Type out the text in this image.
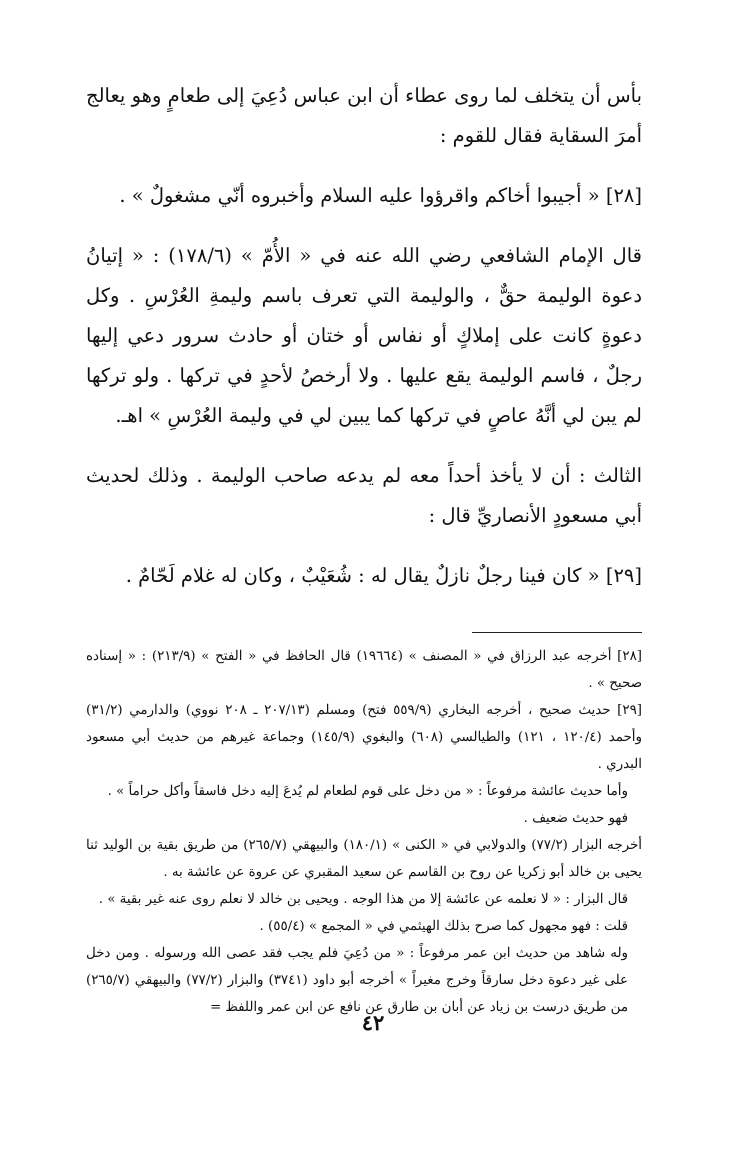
بأس أن يتخلف لما روى عطاء أن ابن عباس دُعِيَ إلى طعامٍ وهو يعالج أمرَ السقاية فقال للقوم :

[٢٨] « أجيبوا أخاكم واقرؤوا عليه السلام وأخبروه أنّي مشغولٌ » .

قال الإمام الشافعي رضي الله عنه في « الأُمّ » (١٧٨/٦) : « إتيانُ دعوة الوليمة حقٌّ ، والوليمة التي تعرف باسم وليمةِ العُرْسِ . وكل دعوةٍ كانت على إملاكٍ أو نفاس أو ختان أو حادث سرور دعي إليها رجلٌ ، فاسم الوليمة يقع عليها . ولا أرخصُ لأحدٍ في تركها . ولو تركها لم يبن لي أنَّهُ عاصٍ في تركها كما يبين لي في وليمة العُرْسِ » اهـ.

الثالث : أن لا يأخذ أحداً معه لم يدعه صاحب الوليمة . وذلك لحديث أبي مسعودٍ الأنصاريِّ قال :

[٢٩] « كان فينا رجلٌ نازلٌ يقال له : شُعَيْبٌ ، وكان له غلام لَحّامٌ .

[٢٨] أخرجه عبد الرزاق في « المصنف » (١٩٦٦٤) قال الحافظ في « الفتح » (٢١٣/٩) : « إسناده صحيح » .

[٢٩] حديث صحيح ، أخرجه البخاري (٥٥٩/٩ فتح) ومسلم (٢٠٧/١٣ ـ ٢٠٨ نووي) والدارمي (٣١/٢) وأحمد (١٢٠/٤ ، ١٢١) والطيالسي (٦٠٨) والبغوي (١٤٥/٩) وجماعة غيرهم من حديث أبي مسعود البدري .

وأما حديث عائشة مرفوعاً : « من دخل على قوم لطعام لم يُدعَ إليه دخل فاسقاً وأكل حراماً » .

فهو حديث ضعيف .

أخرجه البزار (٧٧/٢) والدولابي في « الكنى » (١٨٠/١) والبيهقي (٢٦٥/٧) من طريق بقية بن الوليد ثنا يحيى بن خالد أبو زكريا عن روح بن القاسم عن سعيد المقبري عن عروة عن عائشة به .

قال البزار : « لا نعلمه عن عائشة إلا من هذا الوجه . ويحيى بن خالد لا نعلم روى عنه غير بقية » .

قلت : فهو مجهول كما صرح بذلك الهيثمي في « المجمع » (٥٥/٤) .

وله شاهد من حديث ابن عمر مرفوعاً : « من دُعِيَ فلم يجب فقد عصى الله ورسوله . ومن دخل على غير دعوة دخل سارقاً وخرج مغيراً » أخرجه أبو داود (٣٧٤١) والبزار (٧٧/٢) والبيهقي (٢٦٥/٧) من طريق درست بن زياد عن أبان بن طارق عن نافع عن ابن عمر واللفظ =

٤٢
